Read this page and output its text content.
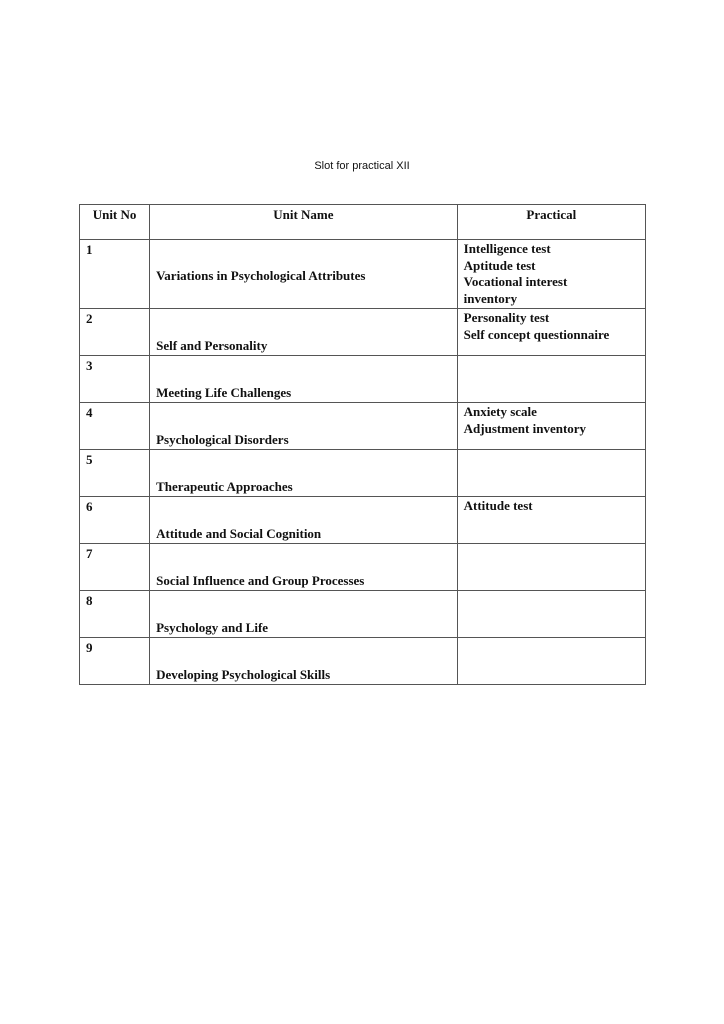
Slot for practical XII
Unit No	Unit Name	Practical
1	Variations in Psychological Attributes	Intelligence test
Aptitude test
Vocational interest
inventory

2	Self and Personality	Personality test
Self concept questionnaire

3	Meeting Life Challenges	

4	Psychological Disorders	Anxiety scale
Adjustment inventory

5	Therapeutic Approaches	

6	Attitude and Social Cognition	Attitude test

7	Social Influence and Group Processes	

8	Psychology and Life	

9	Developing Psychological Skills	
